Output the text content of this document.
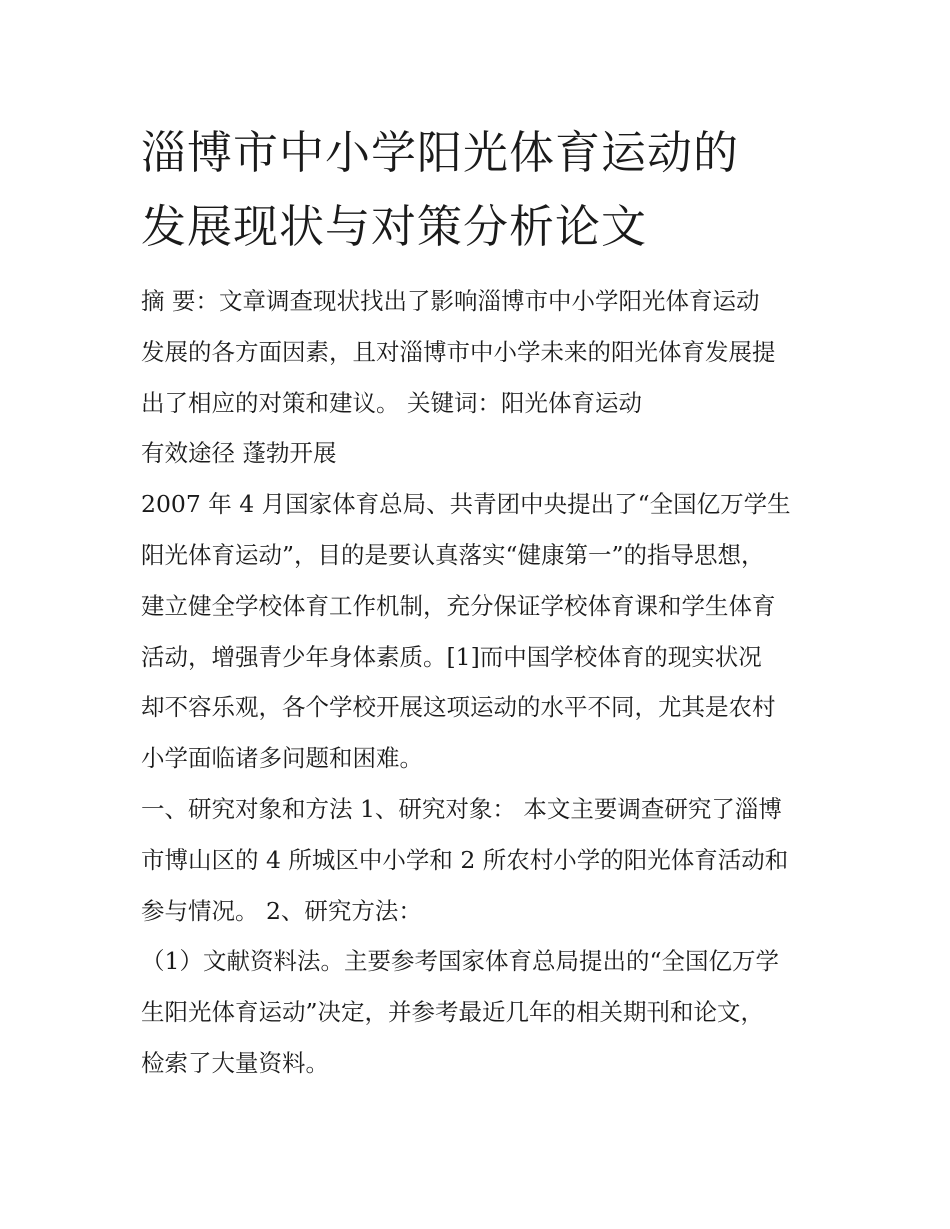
淄博市中小学阳光体育运动的
发展现状与对策分析论文
摘 要：文章调查现状找出了影响淄博市中小学阳光体育运动
发展的各方面因素，且对淄博市中小学未来的阳光体育发展提
出了相应的对策和建议。 关键词：阳光体育运动
有效途径 蓬勃开展
2007 年 4 月国家体育总局、共青团中央提出了“全国亿万学生
阳光体育运动”，目的是要认真落实“健康第一”的指导思想，
建立健全学校体育工作机制，充分保证学校体育课和学生体育
活动，增强青少年身体素质。[1]而中国学校体育的现实状况
却不容乐观，各个学校开展这项运动的水平不同，尤其是农村
小学面临诸多问题和困难。
一、研究对象和方法 1、研究对象： 本文主要调查研究了淄博
市博山区的 4 所城区中小学和 2 所农村小学的阳光体育活动和
参与情况。 2、研究方法：
（1）文献资料法。主要参考国家体育总局提出的“全国亿万学
生阳光体育运动”决定，并参考最近几年的相关期刊和论文，
检索了大量资料。
